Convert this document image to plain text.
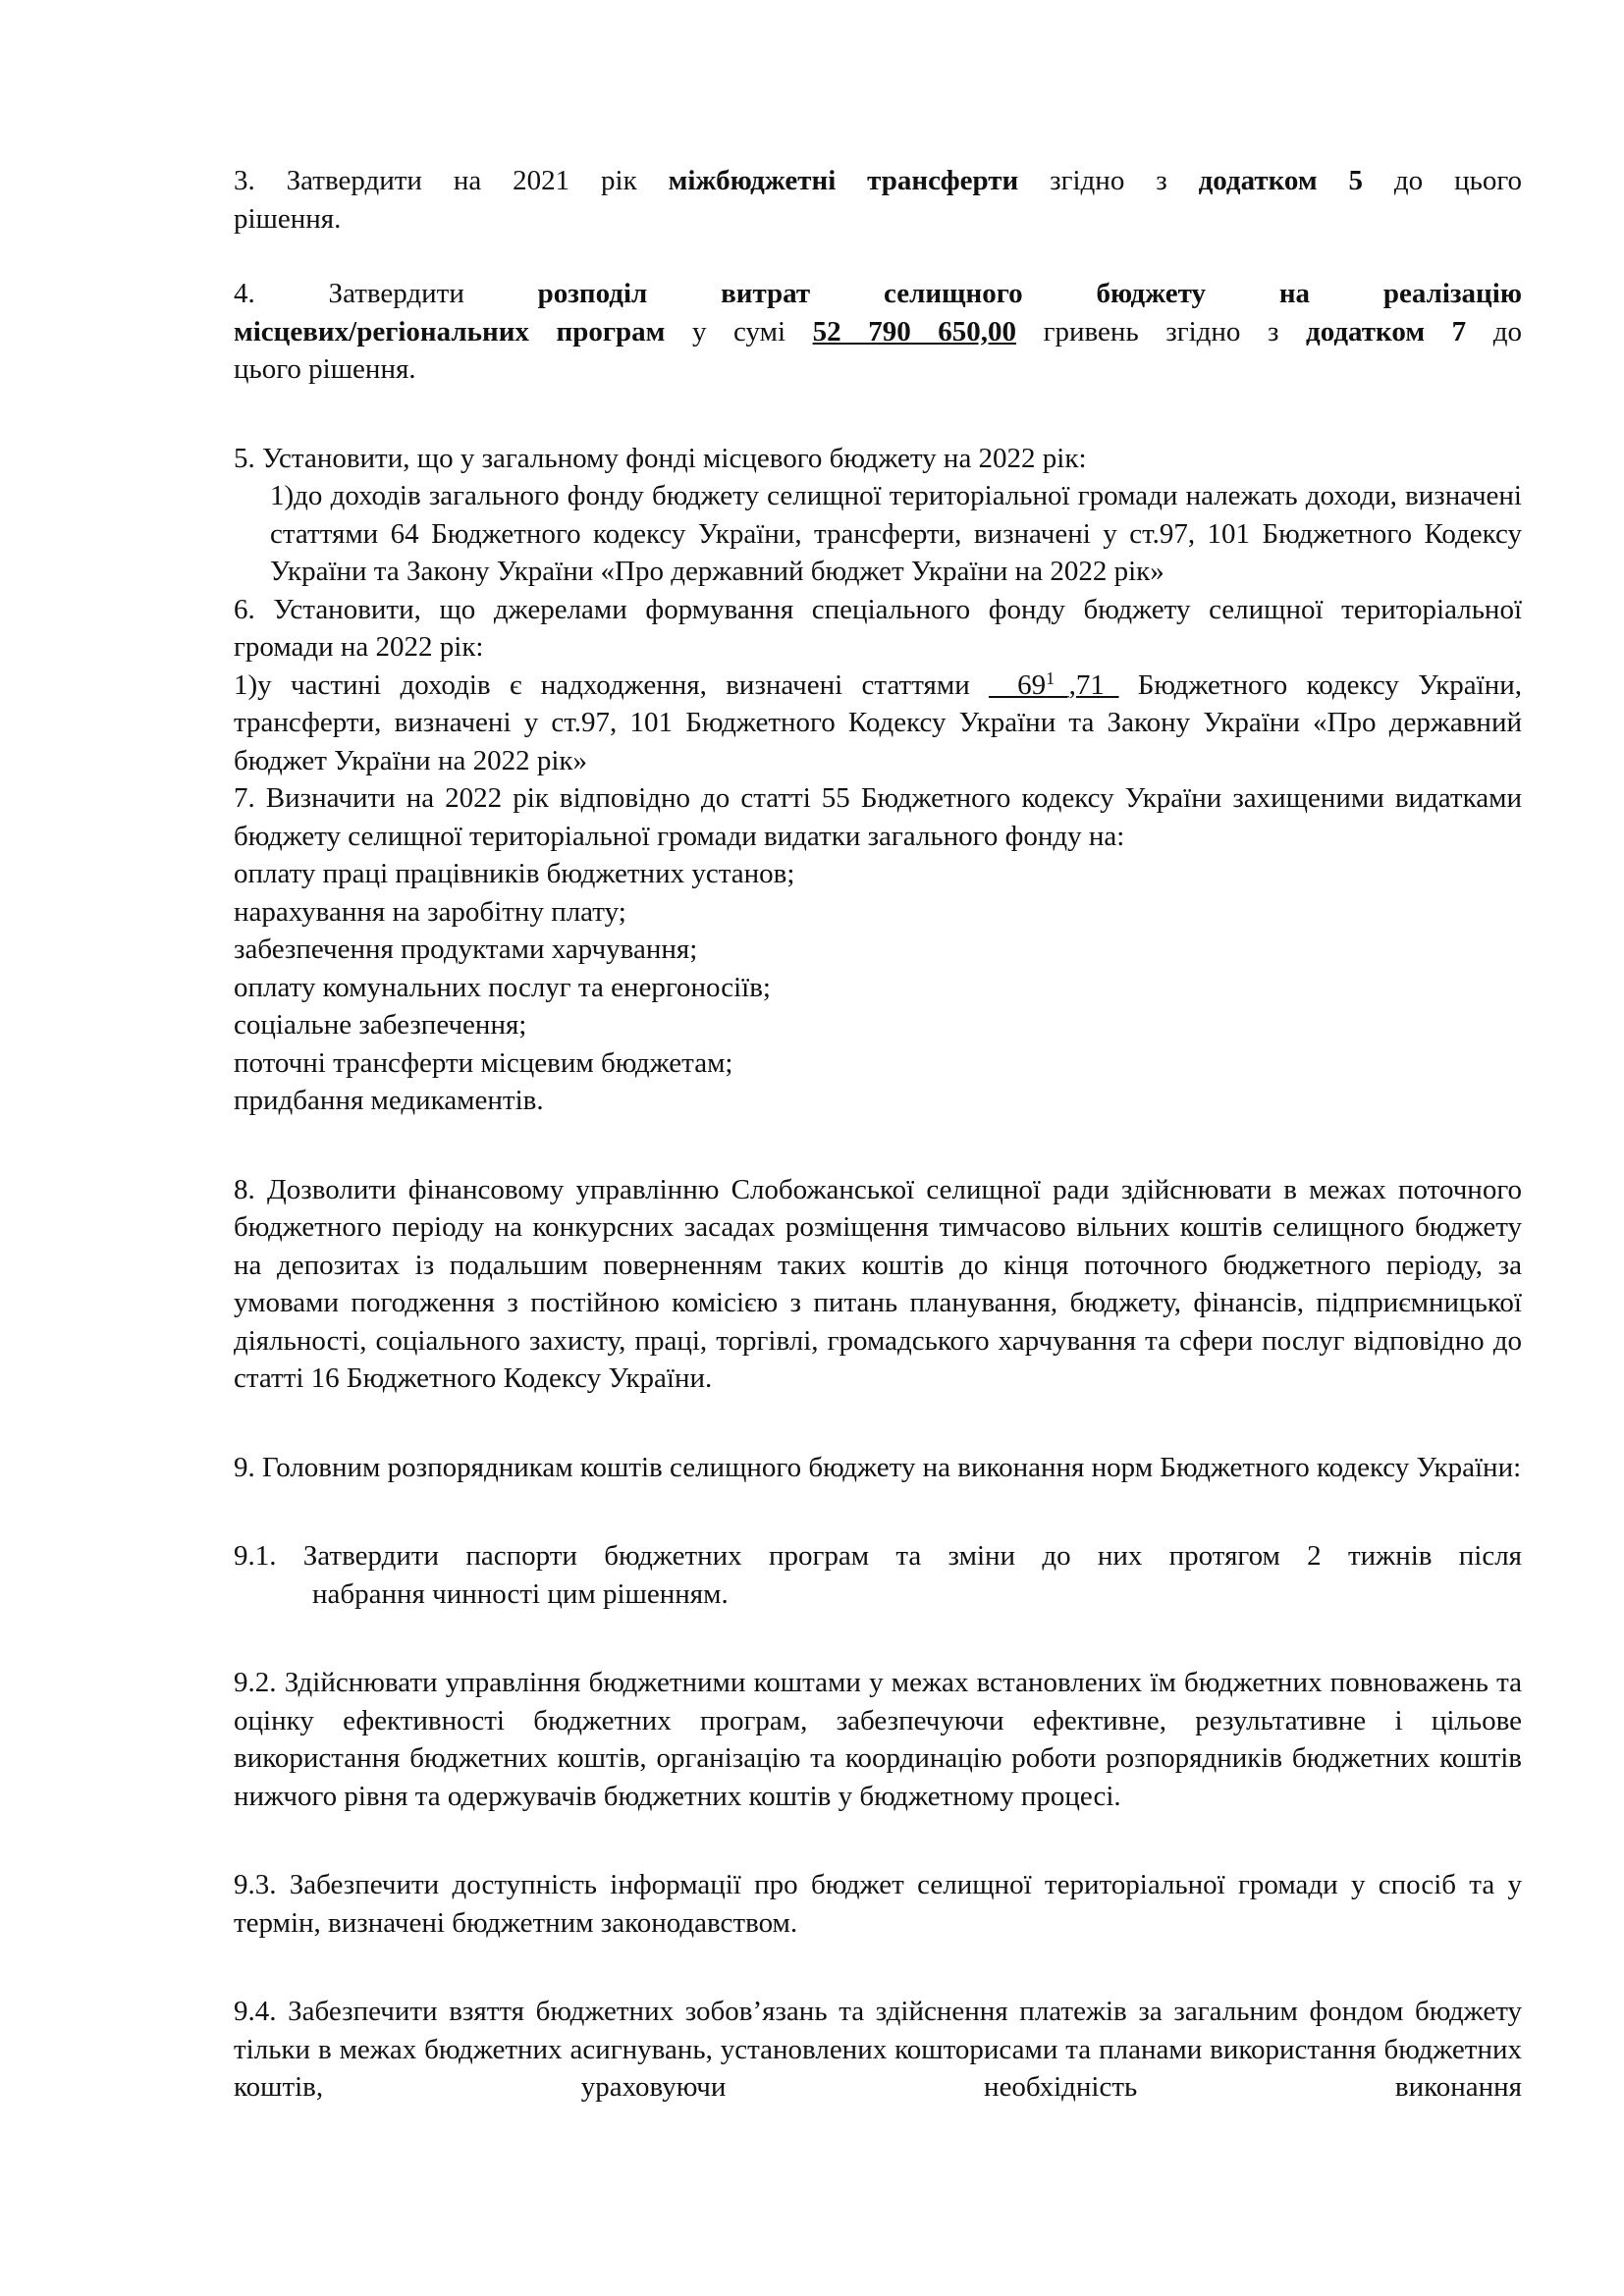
3. Затвердити на 2021 рік міжбюджетні трансферти згідно з додатком 5 до цього

рішення.

4. Затвердити розподіл витрат селищного бюджету на реалізацію

місцевих/регіональних програм у сумі 52 790 650,00 гривень згідно з додатком 7 до

цього рішення.

5. Установити, що у загальному фонді місцевого бюджету на 2022 рік:

1)до доходів загального фонду бюджету селищної територіальної громади належать доходи, визначені статтями 64 Бюджетного кодексу України, трансферти, визначені у ст.97, 101 Бюджетного Кодексу України та Закону України «Про державний бюджет України на 2022 рік»

6. Установити, що джерелами формування спеціального фонду бюджету селищної територіальної громади на 2022 рік:

1)у частині доходів є надходження, визначені статтями $\_\_69^1\_,71\_$ Бюджетного кодексу України, трансферти, визначені у ст.97, 101 Бюджетного Кодексу України та Закону України «Про державний бюджет України на 2022 рік»

7. Визначити на 2022 рік відповідно до статті 55 Бюджетного кодексу України захищеними видатками бюджету селищної територіальної громади видатки загального фонду на:

оплату праці працівників бюджетних установ;

нарахування на заробітну плату;

забезпечення продуктами харчування;

оплату комунальних послуг та енергоносіїв;

соціальне забезпечення;

поточні трансферти місцевим бюджетам;

придбання медикаментів.

8. Дозволити фінансовому управлінню Слобожанської селищної ради здійснювати в межах поточного бюджетного періоду на конкурсних засадах розміщення тимчасово вільних коштів селищного бюджету на депозитах із подальшим поверненням таких коштів до кінця поточного бюджетного періоду, за умовами погодження з постійною комісією з питань планування, бюджету, фінансів, підприємницької діяльності, соціального захисту, праці, торгівлі, громадського харчування та сфери послуг відповідно до статті 16 Бюджетного Кодексу України.

9. Головним розпорядникам коштів селищного бюджету на виконання норм Бюджетного кодексу України:

9.1. Затвердити паспорти бюджетних програм та зміни до них протягом 2 тижнів після

набрання чинності цим рішенням.

9.2. Здійснювати управління бюджетними коштами у межах встановлених їм бюджетних повноважень та оцінку ефективності бюджетних програм, забезпечуючи ефективне, результативне і цільове використання бюджетних коштів, організацію та координацію роботи розпорядників бюджетних коштів нижчого рівня та одержувачів бюджетних коштів у бюджетному процесі.

9.3. Забезпечити доступність інформації про бюджет селищної територіальної громади у спосіб та у термін, визначені бюджетним законодавством.

9.4. Забезпечити взяття бюджетних зобов’язань та здійснення платежів за загальним фондом бюджету тільки в межах бюджетних асигнувань, установлених кошторисами та планами використання бюджетних коштів, ураховуючи необхідність виконання
